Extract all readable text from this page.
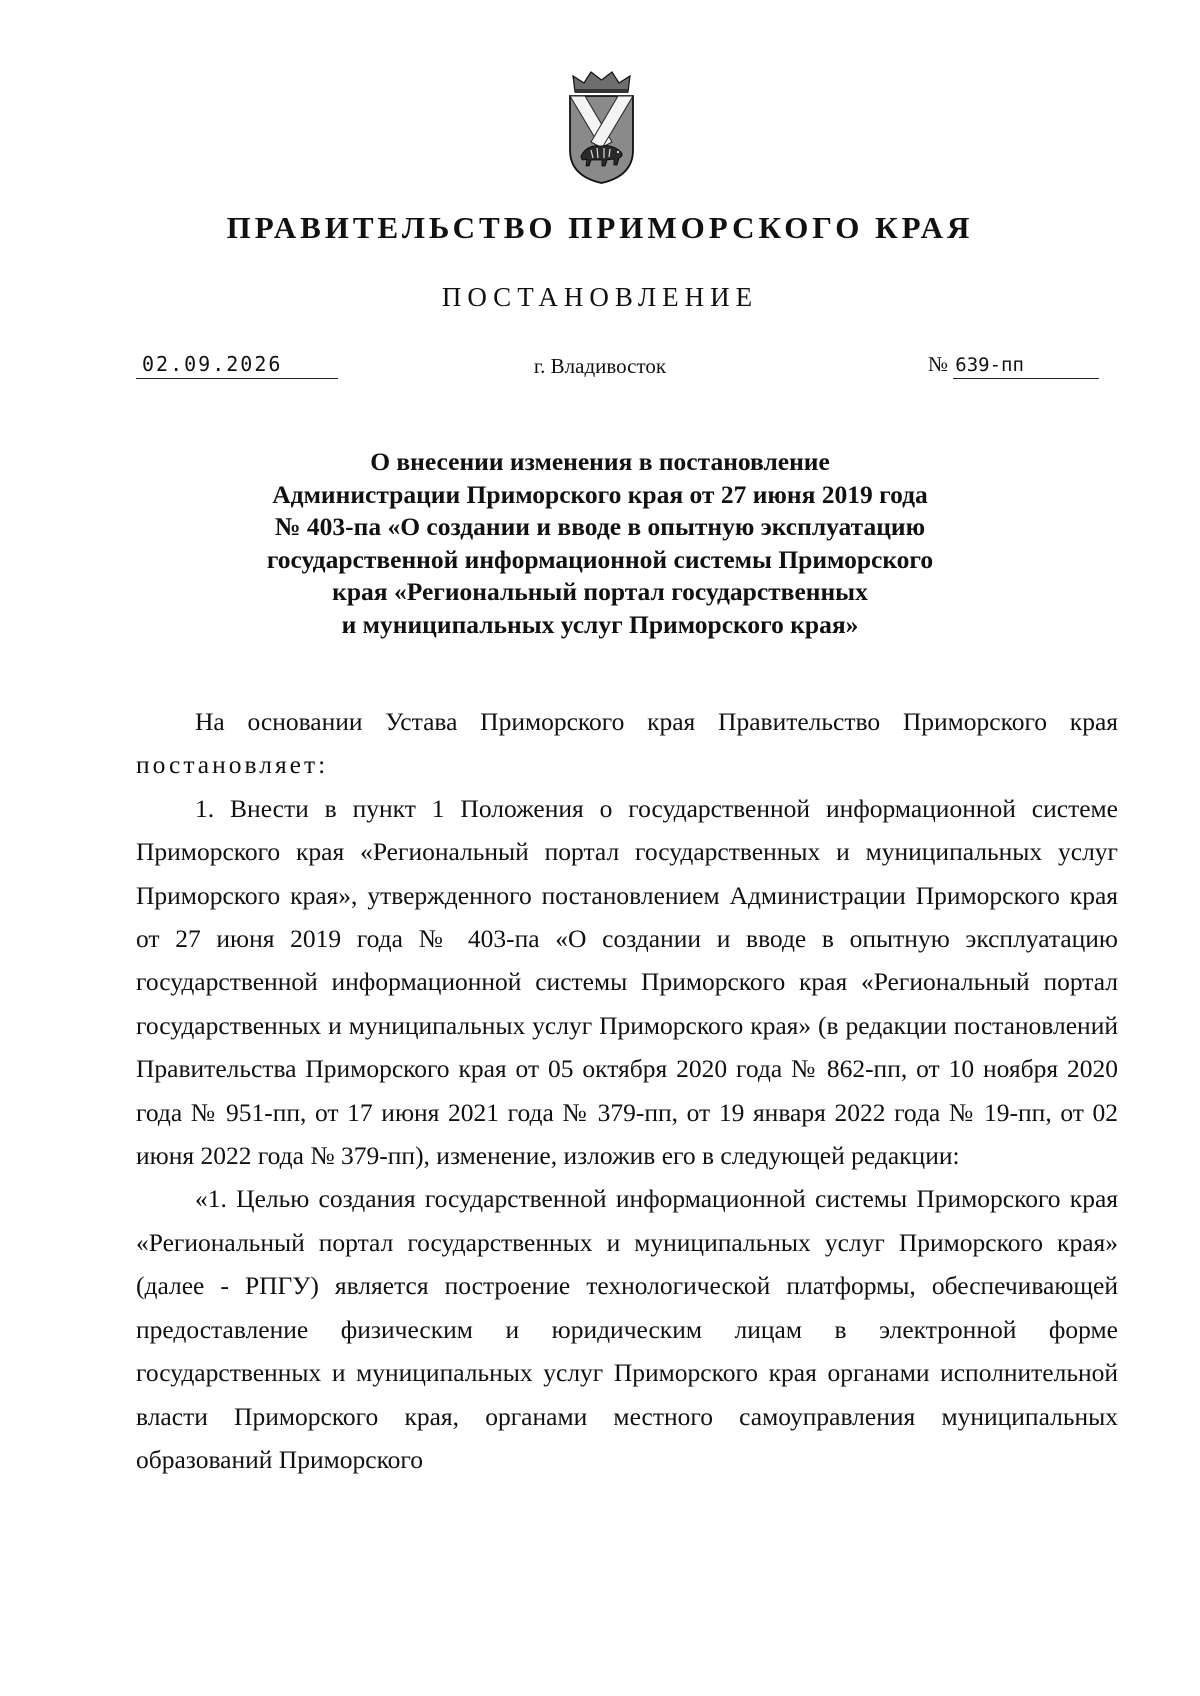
ПРАВИТЕЛЬСТВО ПРИМОРСКОГО КРАЯ
ПОСТАНОВЛЕНИЕ
02.09.2026	г. Владивосток	№ 639-пп
О внесении изменения в постановление
Администрации Приморского края от 27 июня 2019 года
№ 403-па «О создании и вводе в опытную эксплуатацию
государственной информационной системы Приморского
края «Региональный портал государственных
и муниципальных услуг Приморского края»

На основании Устава Приморского края Правительство Приморского края постановляет:

1. Внести в пункт 1 Положения о государственной информационной системе Приморского края «Региональный портал государственных и муниципальных услуг Приморского края», утвержденного постановлением Администрации Приморского края от 27 июня 2019 года № 403-па «О создании и вводе в опытную эксплуатацию государственной информационной системы Приморского края «Региональный портал государственных и муниципальных услуг Приморского края» (в редакции постановлений Правительства Приморского края от 05 октября 2020 года № 862-пп, от 10 ноября 2020 года № 951-пп, от 17 июня 2021 года № 379-пп, от 19 января 2022 года № 19-пп, от 02 июня 2022 года № 379-пп), изменение, изложив его в следующей редакции:

«1. Целью создания государственной информационной системы Приморского края «Региональный портал государственных и муниципальных услуг Приморского края» (далее - РПГУ) является построение технологической платформы, обеспечивающей предоставление физическим и юридическим лицам в электронной форме государственных и муниципальных услуг Приморского края органами исполнительной власти Приморского края, органами местного самоуправления муниципальных образований Приморского
